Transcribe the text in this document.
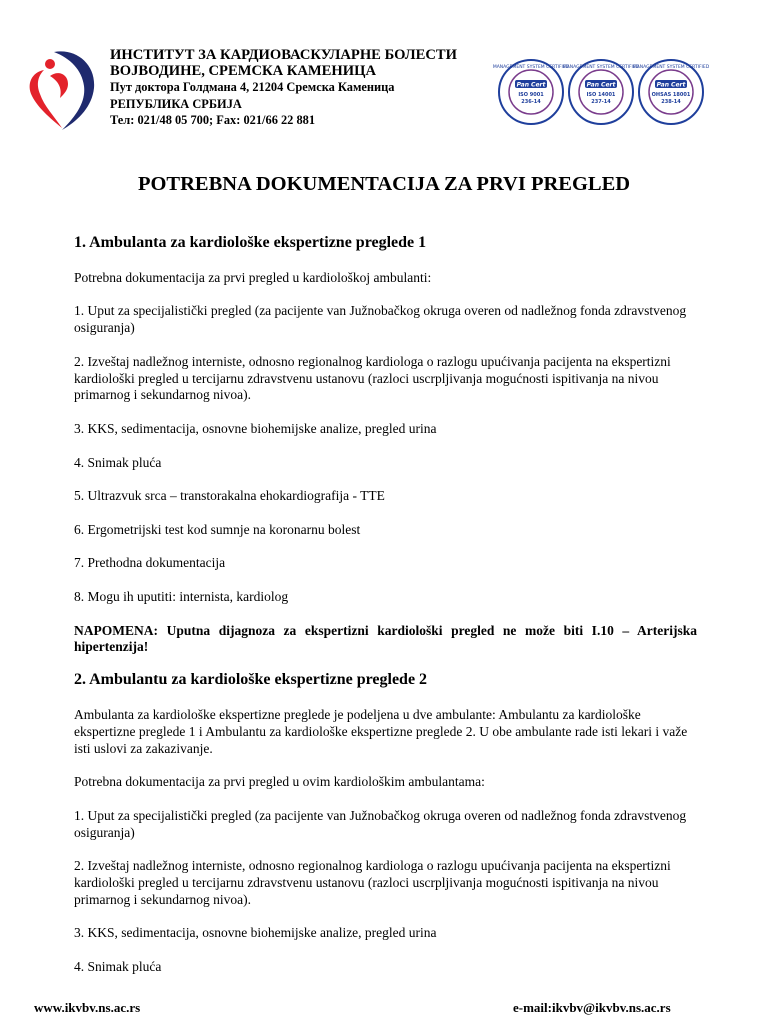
ИНСТИТУТ ЗА КАРДИОВАСКУЛАРНЕ БОЛЕСТИ
ВОЈВОДИНЕ, СРЕМСКА КАМЕНИЦА
Пут доктора Голдмана 4, 21204 Сремска Каменица
РЕПУБЛИКА СРБИЈА
Тел: 021/48 05 700; Fax: 021/66 22 881
MANAGEMENT SYSTEM CERTIFIED
Pan Cert
ISO 9001
236-14
MANAGEMENT SYSTEM CERTIFIED
Pan Cert
ISO 14001
237-14
MANAGEMENT SYSTEM CERTIFIED
Pan Cert
OHSAS 18001
238-14
POTREBNA DOKUMENTACIJA ZA PRVI PREGLED
1. Ambulanta za kardiološke ekspertizne preglede 1

Potrebna dokumentacija za prvi pregled u kardiološkoj ambulanti:

1. Uput za specijalistički pregled (za pacijente van Južnobačkog okruga overen od nadležnog fonda zdravstvenog osiguranja)

2. Izveštaj nadležnog interniste, odnosno regionalnog kardiologa o razlogu upućivanja pacijenta na ekspertizni kardiološki pregled u tercijarnu zdravstvenu ustanovu (razloci uscrpljivanja mogućnosti ispitivanja na nivou primarnog i sekundarnog nivoa).

3. KKS, sedimentacija, osnovne biohemijske analize, pregled urina

4. Snimak pluća

5. Ultrazvuk srca – transtorakalna ehokardiografija - TTE

6. Ergometrijski test kod sumnje na koronarnu bolest

7. Prethodna dokumentacija

8. Mogu ih uputiti: internista, kardiolog

NAPOMENA: Uputna dijagnoza za ekspertizni kardiološki pregled ne može biti I.10 – Arterijska hipertenzija!

2. Ambulantu za kardiološke ekspertizne preglede 2

Ambulanta za kardiološke ekspertizne preglede je podeljena u dve ambulante: Ambulantu za kardiološke ekspertizne preglede 1 i Ambulantu za kardiološke ekspertizne preglede 2. U obe ambulante rade isti lekari i važe isti uslovi za zakazivanje.

Potrebna dokumentacija za prvi pregled u ovim kardiološkim ambulantama:

1. Uput za specijalistički pregled (za pacijente van Južnobačkog okruga overen od nadležnog fonda zdravstvenog osiguranja)

2. Izveštaj nadležnog interniste, odnosno regionalnog kardiologa o razlogu upućivanja pacijenta na ekspertizni kardiološki pregled u tercijarnu zdravstvenu ustanovu (razloci uscrpljivanja mogućnosti ispitivanja na nivou primarnog i sekundarnog nivoa).

3. KKS, sedimentacija, osnovne biohemijske analize, pregled urina

4. Snimak pluća

www.ikvbv.ns.ac.rs	e-mail:ikvbv@ikvbv.ns.ac.rs
